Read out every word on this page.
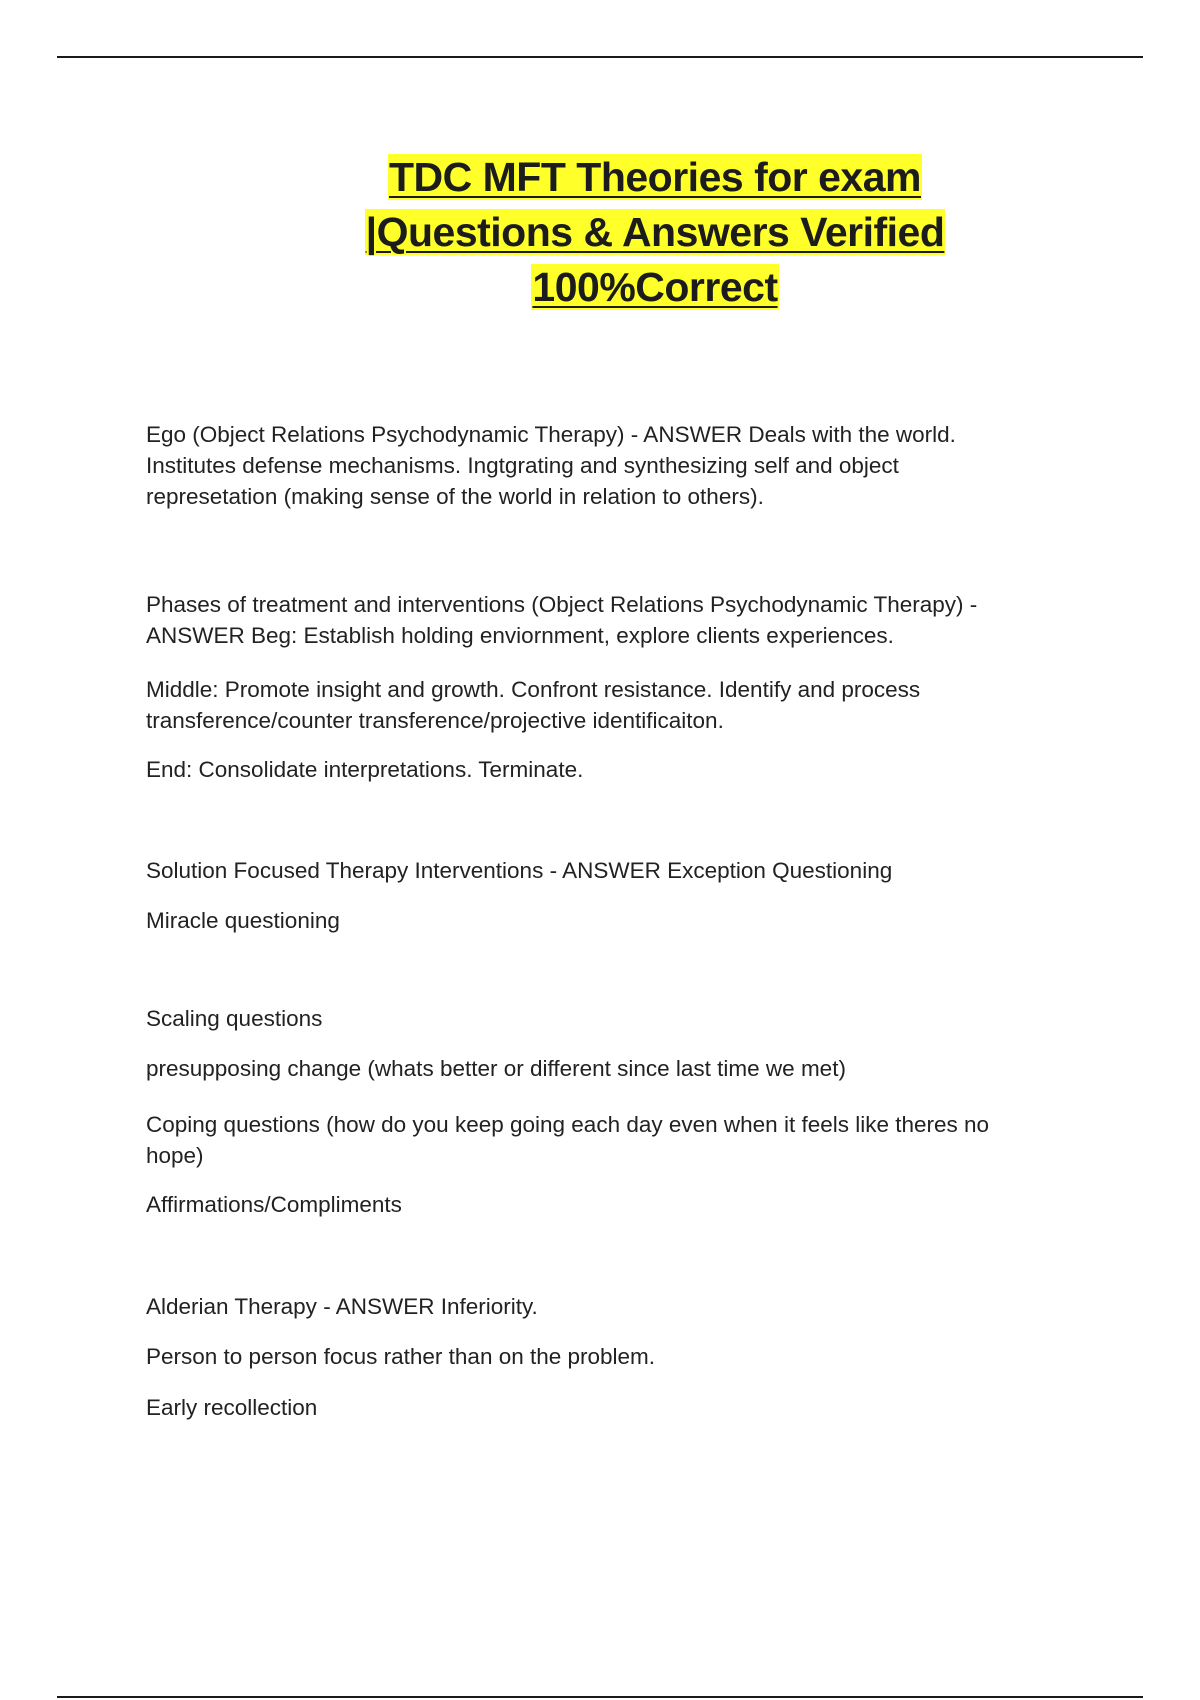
TDC MFT Theories for exam
|Questions & Answers Verified
100%Correct

Ego (Object Relations Psychodynamic Therapy) - ANSWER Deals with the world. Institutes defense mechanisms. Ingtgrating and synthesizing self and object represetation (making sense of the world in relation to others).

Phases of treatment and interventions (Object Relations Psychodynamic Therapy) - ANSWER Beg: Establish holding enviornment, explore clients experiences.

Middle: Promote insight and growth. Confront resistance. Identify and process transference/counter transference/projective identificaiton.

End: Consolidate interpretations. Terminate.

Solution Focused Therapy Interventions - ANSWER Exception Questioning

Miracle questioning

Scaling questions

presupposing change (whats better or different since last time we met)

Coping questions (how do you keep going each day even when it feels like theres no hope)

Affirmations/Compliments

Alderian Therapy - ANSWER Inferiority.

Person to person focus rather than on the problem.

Early recollection
